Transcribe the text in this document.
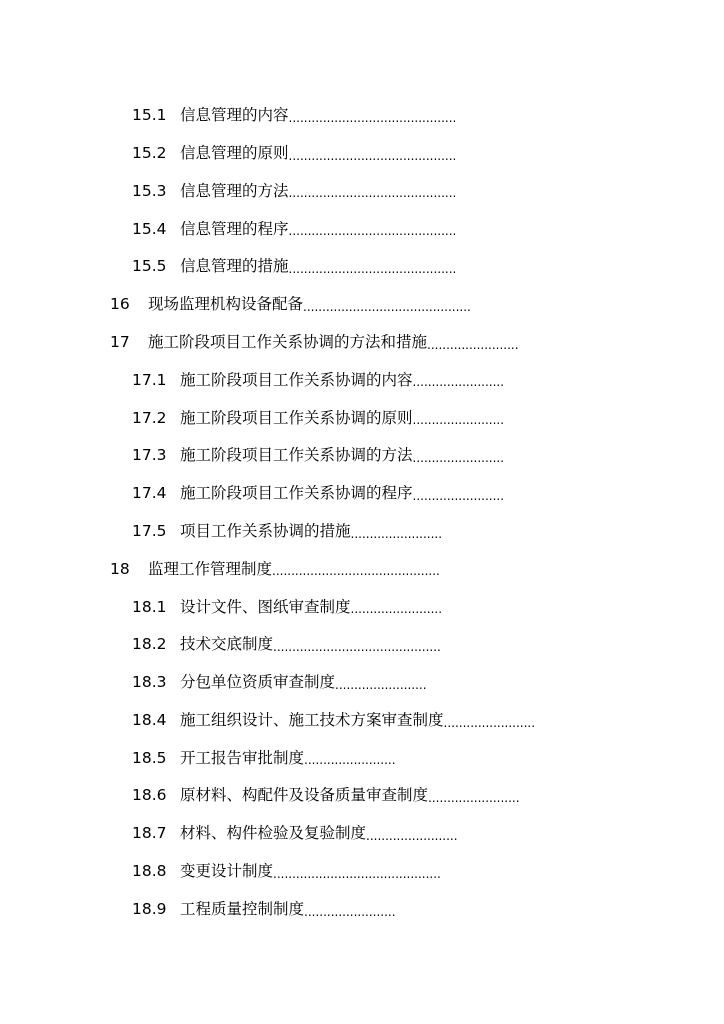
15.1 信息管理的内容 ............................................
15.2 信息管理的原则 ............................................
15.3 信息管理的方法 ............................................
15.4 信息管理的程序 ............................................
15.5 信息管理的措施 ............................................
16	现场监理机构设备配备 ............................................
17	施工阶段项目工作关系协调的方法和措施 ........................
17.1 施工阶段项目工作关系协调的内容 ........................
17.2 施工阶段项目工作关系协调的原则 ........................
17.3 施工阶段项目工作关系协调的方法 ........................
17.4 施工阶段项目工作关系协调的程序 ........................
17.5 项目工作关系协调的措施 ........................
18	监理工作管理制度 ............................................
18.1 设计文件、图纸审查制度 ........................
18.2 技术交底制度 ............................................
18.3 分包单位资质审查制度 ........................
18.4 施工组织设计、施工技术方案审查制度 ........................
18.5 开工报告审批制度 ........................
18.6 原材料、构配件及设备质量审查制度 ........................
18.7 材料、构件检验及复验制度 ........................
18.8 变更设计制度 ............................................
18.9 工程质量控制制度 ........................
